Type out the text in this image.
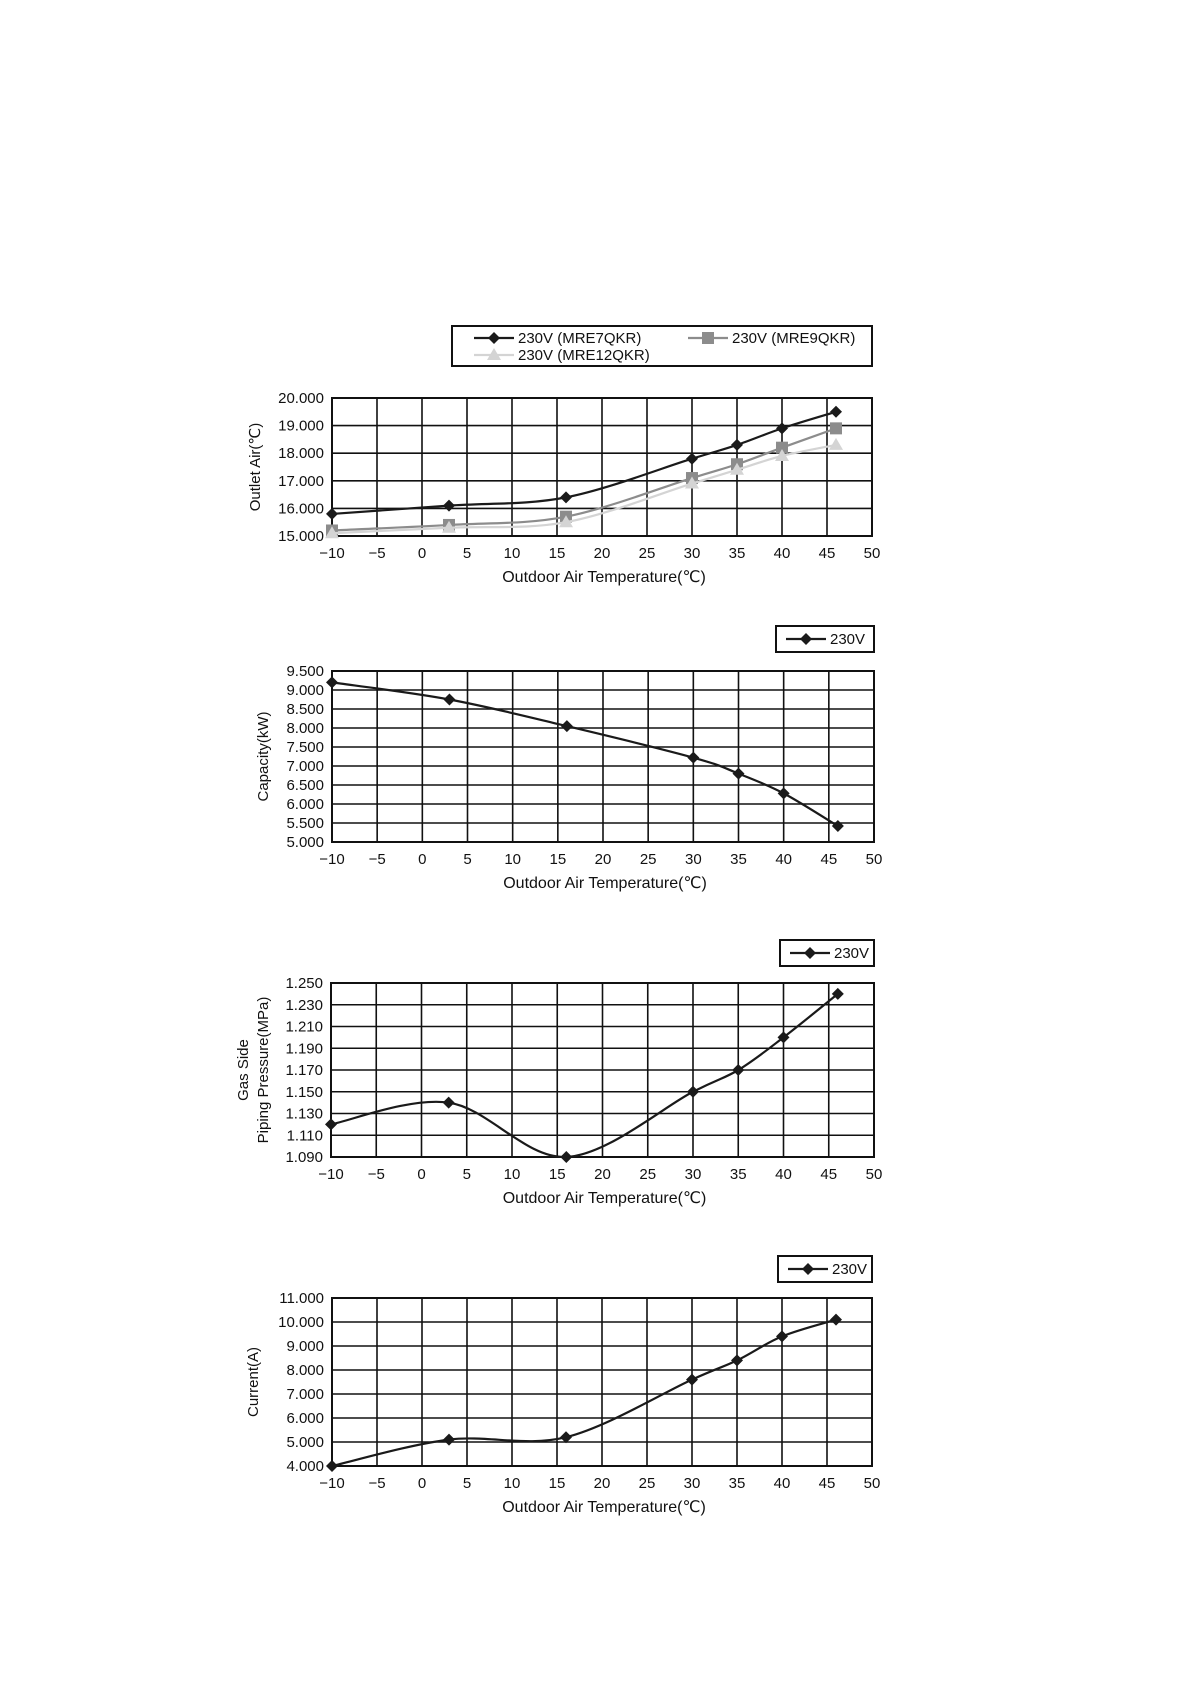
−10 −5 0 5 10 15 20 25 30 35 40 45 50
15.000
16.000
17.000
18.000
19.000
20.000
Outdoor Air Temperature(℃)
Outlet Air(℃)
230V (MRE7QKR)	230V (MRE9QKR)
230V (MRE12QKR)
−10 −5 0 5 10 15 20 25 30 35 40 45 50
5.000
5.500
6.000
6.500
7.000
7.500
8.000
8.500
9.000
9.500
Outdoor Air Temperature(℃)
Capacity(kW)
230V
−10 −5 0 5 10 15 20 25 30 35 40 45 50
1.090
1.110
1.130
1.150
1.170
1.190
1.210
1.230
1.250
Outdoor Air Temperature(℃)
Gas Side Piping Pressure(MPa)
230V
−10 −5 0 5 10 15 20 25 30 35 40 45 50
4.000
5.000
6.000
7.000
8.000
9.000
10.000
11.000
Outdoor Air Temperature(℃)
Current(A)
230V
